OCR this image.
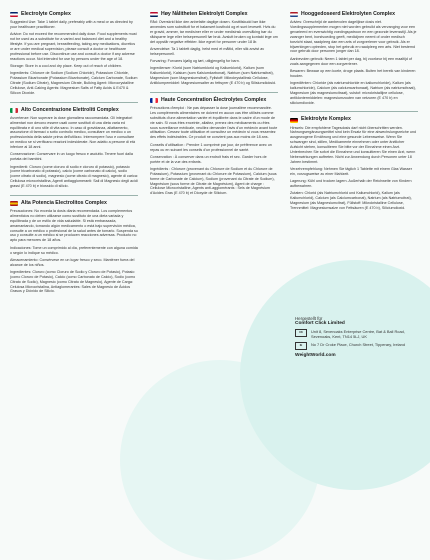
Electrolyte Complex

Suggested Use: Take 1 tablet daily, preferably with a meal or as directed by your healthcare practitioner.

Advice: Do not exceed the recommended daily dose. Food supplements must not be used as a substitute for a varied and balanced diet and a healthy lifestyle. If you are pregnant, breastfeeding, taking any medications, diuretics or are under medical supervision, please consult a doctor or healthcare professional before use. Discontinue use and consult a doctor if any adverse reactions occur. Not intended for use by persons under the age of 18.

Storage: Store in a cool and dry place. Keep out of reach of children.

Ingredients: Chlorure de Sodium (Sodium Chloride), Potassium Chloride, Potassium Bicarbonate (Potassium Bicarbonate), Calcium Carbonate, Sodium Citrate (Sodium Citrate), Magnesium Citrate, Bulking Agent: Microcrystalline Cellulose, Anti-Caking Agents: Magnesium Salts of Fatty Acids & E470 & Silicon Dioxide.

Alto Concentrazione Elettroliti Complex

Avvertenze: Non superare la dose giornaliera raccomandata. Gli integratori alimentari non devono essere usati come sostituti di una dieta varia ed equilibrata e di uno stile di vita sano. In caso di gravidanza, allattamento, assunzione di farmaci o sotto controllo medico, consultare un medico o un professionista della salute prima dell'utilizzo. Interrompere l'uso e consultare un medico se si verificano reazioni indesiderate. Non adatto a persone di età inferiore ai 18 anni.

Conservazione: Conservare in un luogo fresco e asciutto. Tenere fuori dalla portata dei bambini.

Ingredienti: Cloruro (come cloruro di sodio e cloruro di potassio), potassio (come bicarbonato di potassio), calcio (come carbonato di calcio), sodio (come citrato di sodio), magnesio (come citrato di magnesio), agente di carica: Cellulosa microcristallina, Agenti antiagglomeranti: Sali di Magnesio degli acidi grassi (E 470 b) e biossido di silicio.

Alta Potencia Electrolitos Complex

Precauciones: No exceda la dosis diaria recomendada. Los complementos alimenticios no deben utilizarse como sustituto de una dieta variada y equilibrada y de un estilo de vida saludable. Si está embarazada, amamantando, tomando algún medicamento o está bajo supervisión médica, consulte a un médico o profesional de la salud antes de tomarlo. Suspenda su uso y consulte a un médico si se producen reacciones adversas. Producto no apto para menores de 18 años.

Indicaciones: Tome un comprimido al día, preferentemente con alguna comida o según lo indique su médico.

Almacenamiento: Consérvese en un lugar fresco y seco. Manténer fuera del alcance de los niños.

Ingredientes: Cloruro (como Cloruro de Sodio y Cloruro de Potasio), Potasio (como Cloruro de Potasio), Calcio (como Carbonato de Calcio), Sodio (como Citrato de Sodio), Magnesio (como Citrato de Magnesio), Agente de Carga: Celulosa Microcristalina, Antiaglomerantes: Sales de Magnesio de Ácidos Grasos y Dióxido de Silicio.

Høy Nålitheten Elektrolytt Complex

Råd: Overskrid ikke den anbefalte daglige dosen. Kosttilskudd bør ikke anvendes som substitutt for et balansert kosthold og et sunt levesett. Hvis du er gravid, ammer, tar medisiner eller er under medisinsk overvåking bør du rådspørre lege eller helsepersonell før bruk. Avslutt bruken og kontakt lege om det oppstår negative effekter. Ikke egnet for personer under 18 år.

Anvendelse: Ta 1 tablett daglig, helst med et måltid, eller slik anvist av helsepersonell.

Forvaring: Forvares kjølig og tørt, utilgjengelig for barn.

Ingredienser: Klorid (som Natriumklorid og Kaliumklorid), Kalium (som Kaliumklorid), Kalsium (som Kalsiumkarbonat), Natrium (som Natriumsitrat), Magnesium (som Magnesiumsitrat), Fyllstoff: Mikrokrystallinsk Cellulose, Antiklumpemiddel: Magnesiumsalter av fettsyrer (E 470 b) og Silisiumdioksid.

Haute Concentration Électrolytes Complex

Précautions d'emploi : Ne pas dépasser la dose journalière recommandée. Les compléments alimentaires ne doivent en aucun cas être utilisés comme substituts d'une alimentation variée et équilibrée dans le cadre d'un mode de vie sain. Si vous êtes enceinte, allaitez, prenez des médicaments ou êtes sous surveillance médicale, veuillez demander l'avis d'un médecin avant toute utilisation. Cessez toute utilisation et consultez un médecin si vous ressentez des effets indésirables. Ce produit ne convient pas aux moins de 18 ans.

Conseils d'utilisation : Prendre 1 comprimé par jour, de préférence avec un repas ou en suivant les conseils d'un professionnel de santé.

Conservation : À conserver dans un endroit frais et sec. Garder hors de portée et de la vue des enfants.

Ingrédients : Chlorure (provenant du Chlorure de Sodium et du Chlorure de Potassium), Potassium (provenant du Chlorure de Potassium), Calcium (sous forme de Carbonate de Calcium), Sodium (provenant du Citrate de Sodium), Magnésium (sous forme de Citrate de Magnésium), Agent de charge : Cellulose Microcristalline, Agents anti-agglomérants : Sels de Magnésium d'Acides Gras (E 470 b) et Dioxyde de Silicium.

Hooggedoseerd Elektrolyten Complex

Advies: Overschrijd de aanbevolen dagelijkse dosis niet. Voedingssupplementen mogen niet worden gebruikt als vervanging voor een gevarieerd en evenwichtig voedingspatroon en een gezonde levensstijl. Als je zwanger bent, borstvoeding geeft, medicijnen neemt of onder medisch toezicht staat, raadpleeg dan een arts of zorgverlener voor gebruik. Als er bijwerkingen optreden, stop het gebruik en raadpleeg een arts. Niet bestemd voor gebruik door personen jonger dan 18.

Aanbevolen gebruik: Neem 1 tablet per dag, bij voorkeur bij een maaltijd of zoals aangegeven door een zorgverlener.

Bewaren: Bewaar op een koele, droge plaats. Buiten het bereik van kinderen houden.

Ingrediënten: Chloride (als natriumchloride en kaliumchloride), Kalium (als kaliumchloride), Calcium (als calciumcarbonaat), Natrium (als natriumcitraat), Magnesium (als magnesiumcitraat), vulstof: microkristallijne cellulose, antiklontermiddelen: magnesiumzouten van vetzuren (E 470 b) en siliciumdioxide.

Elektrolyte Komplex

Hinweis: Die empfohlene Tagesdosis darf nicht überschritten werden. Nahrungsergänzungsmittel sind kein Ersatz für eine abwechslungsreiche und ausgewogene Ernährung und eine gesunde Lebensweise. Wenn Sie schwanger sind, stillen, Medikamente einnehmen oder unter ärztlicher Aufsicht stehen, konsultieren Sie bitte vor der Einnahme einen Arzt. Unterbrechen Sie sofort die Einnahme und konsultieren Sie einen Arzt, wenn Nebenwirkungen auftreten. Nicht zur Anwendung durch Personen unter 18 Jahren bestimmt.

Verzehrempfehlung: Nehmen Sie täglich 1 Tablette mit einem Glas Wasser ein, vorzugsweise zu einer Mahlzeit.

Lagerung: Kühl und trocken lagern. Außerhalb der Reichweite von Kindern aufbewahren.

Zutaten: Chlorid (als Natriumchlorid und Kaliumchlorid), Kalium (als Kaliumchlorid), Calcium (als Calciumcarbonat), Natrium (als Natriumcitrat), Magnesium (als Magnesiumcitrat), Füllstoff: Mikrokristalline Cellulose, Trennmittel: Magnesiumsalze von Fettsäuren (E 470 b), Siliciumdioxid.

Hergestellt für
Comfort Click Limited
UK	Unit 8, Sevenoaks Enterprise Centre, Bat & Ball Road, Sevenoaks, Kent, TN14 5LJ, UK
IE	No 7 Dr Croke Place, Church Street, Tipperary, Ireland
WeightWorld.com
